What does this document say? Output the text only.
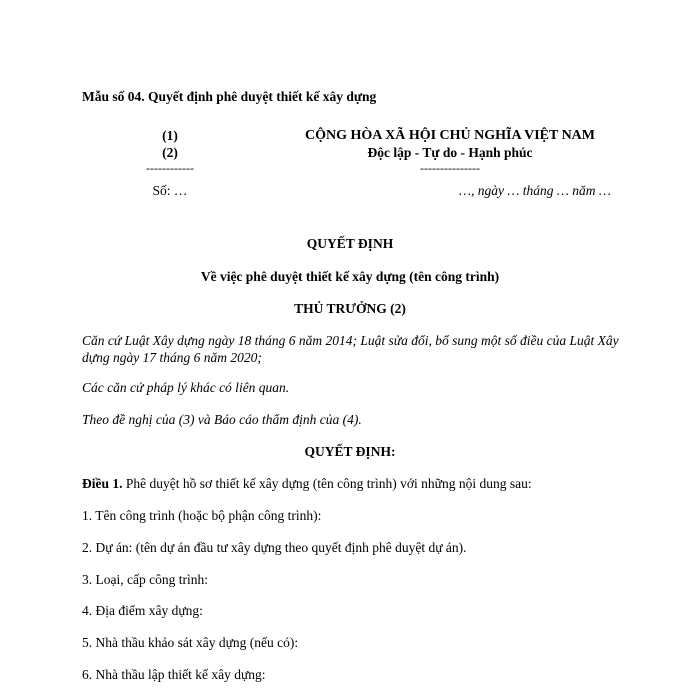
Mẫu số 04. Quyết định phê duyệt thiết kế xây dựng
(1)
(2)
------------
Số: …
CỘNG HÒA XÃ HỘI CHỦ NGHĨA VIỆT NAM
Độc lập - Tự do - Hạnh phúc
---------------
…, ngày … tháng … năm …
QUYẾT ĐỊNH
Về việc phê duyệt thiết kế xây dựng (tên công trình)
THỦ TRƯỞNG (2)
Căn cứ Luật Xây dựng ngày 18 tháng 6 năm 2014; Luật sửa đổi, bổ sung một số điều của Luật Xây dựng ngày 17 tháng 6 năm 2020;
Các căn cứ pháp lý khác có liên quan.
Theo đề nghị của (3) và Báo cáo thẩm định của (4).
QUYẾT ĐỊNH:
Điều 1. Phê duyệt hồ sơ thiết kế xây dựng (tên công trình) với những nội dung sau:
1. Tên công trình (hoặc bộ phận công trình):
2. Dự án: (tên dự án đầu tư xây dựng theo quyết định phê duyệt dự án).
3. Loại, cấp công trình:
4. Địa điểm xây dựng:
5. Nhà thầu khảo sát xây dựng (nếu có):
6. Nhà thầu lập thiết kế xây dựng:
